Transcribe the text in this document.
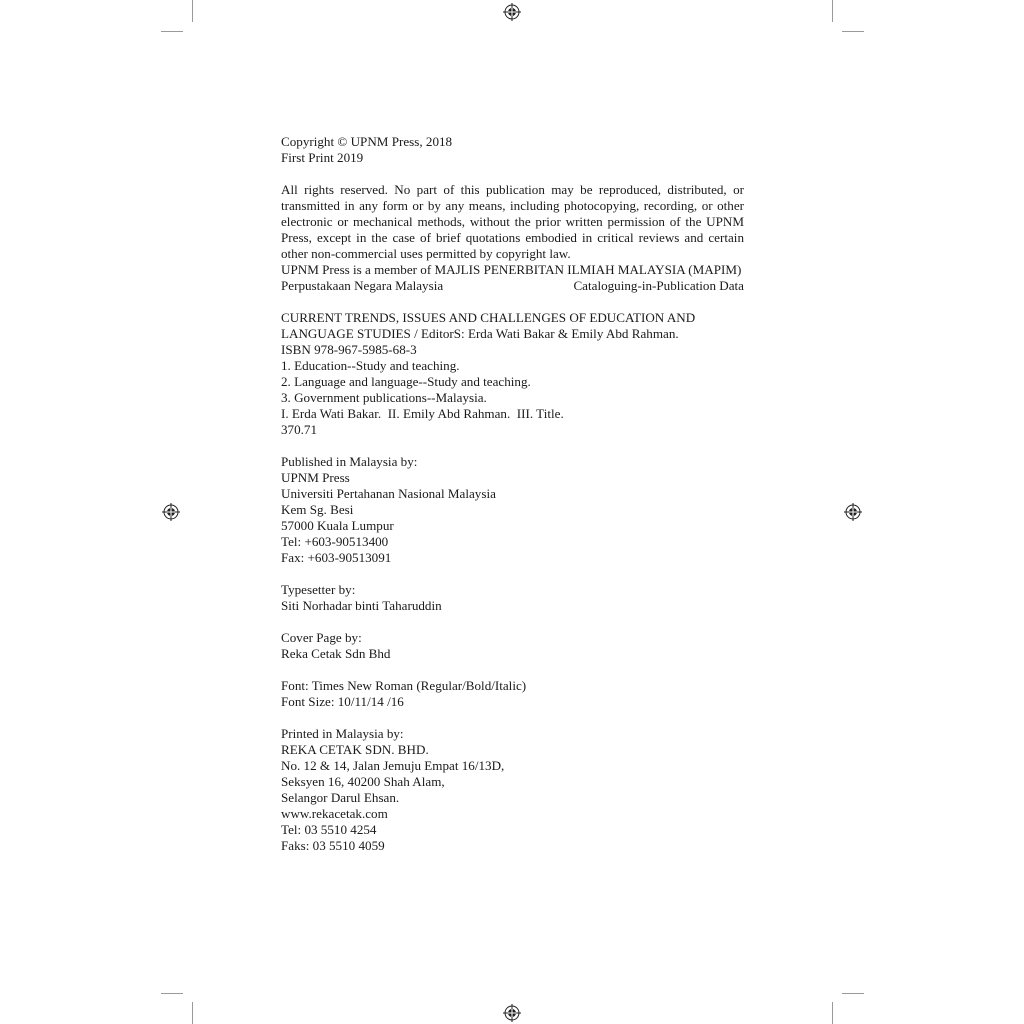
Copyright © UPNM Press, 2018
First Print 2019

All rights reserved. No part of this publication may be reproduced, distributed, or transmitted in any form or by any means, including photocopying, recording, or other electronic or mechanical methods, without the prior written permission of the UPNM Press, except in the case of brief quotations embodied in critical reviews and certain other non-commercial uses permitted by copyright law.

UPNM Press is a member of MAJLIS PENERBITAN ILMIAH MALAYSIA (MAPIM)

Perpustakaan Negara Malaysia	Cataloguing-in-Publication Data
CURRENT TRENDS, ISSUES AND CHALLENGES OF EDUCATION AND
LANGUAGE STUDIES / EditorS: Erda Wati Bakar & Emily Abd Rahman.
ISBN 978-967-5985-68-3
1. Education--Study and teaching.
2. Language and language--Study and teaching.
3. Government publications--Malaysia.
I. Erda Wati Bakar.  II. Emily Abd Rahman.  III. Title.
370.71
Published in Malaysia by:
UPNM Press
Universiti Pertahanan Nasional Malaysia
Kem Sg. Besi
57000 Kuala Lumpur
Tel: +603-90513400
Fax: +603-90513091
Typesetter by:
Siti Norhadar binti Taharuddin
Cover Page by:
Reka Cetak Sdn Bhd
Font: Times New Roman (Regular/Bold/Italic)
Font Size: 10/11/14 /16
Printed in Malaysia by:
REKA CETAK SDN. BHD.
No. 12 & 14, Jalan Jemuju Empat 16/13D,
Seksyen 16, 40200 Shah Alam,
Selangor Darul Ehsan.
www.rekacetak.com
Tel: 03 5510 4254
Faks: 03 5510 4059
